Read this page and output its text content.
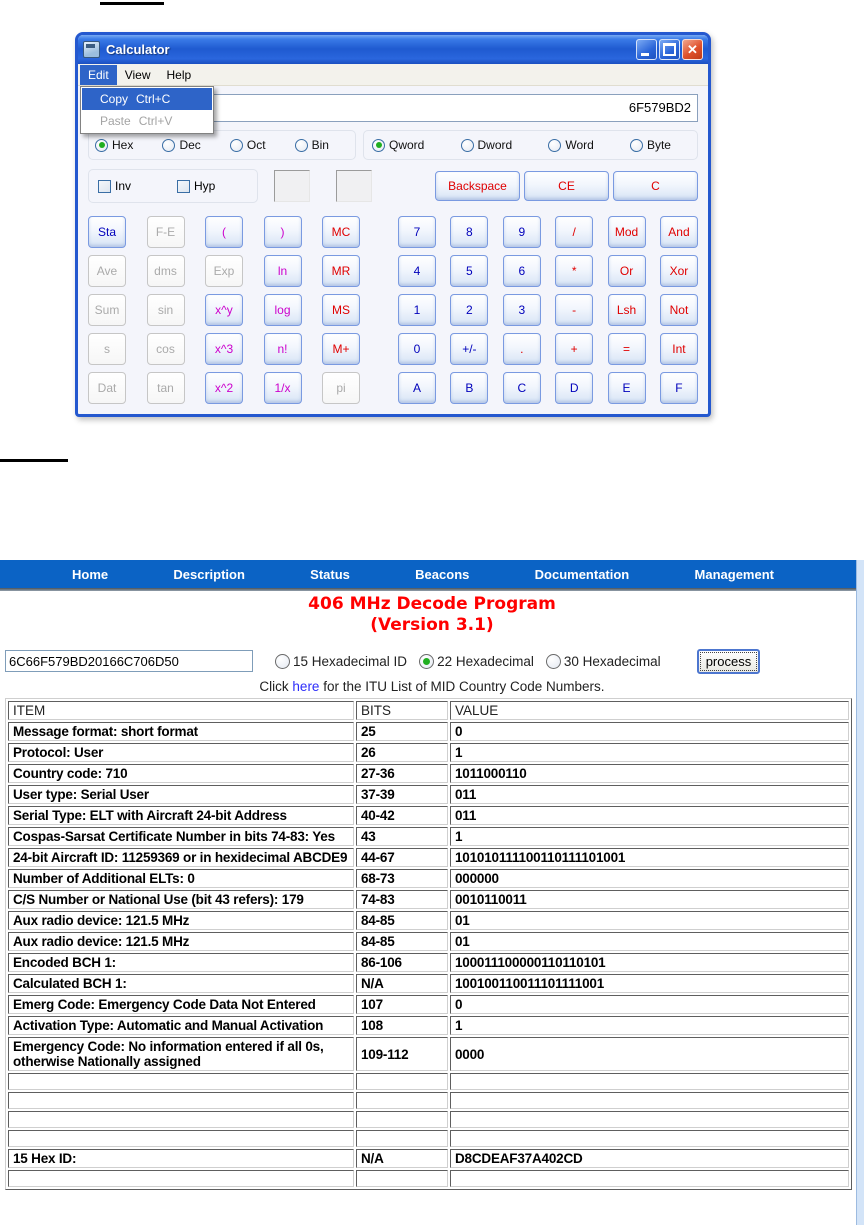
Calculator	✕
Edit	View	Help
Copy Ctrl+C
Paste Ctrl+V
6F579BD2
Hex	Dec	Oct	Bin	Qword	Dword	Word	Byte
Inv	Hyp	Backspace	CE	C
Sta	F-E	(	)	MC
Ave	dms	Exp	ln	MR
Sum	sin	x^y	log	MS
s	cos	x^3	n!	M+
Dat	tan	x^2	1/x	pi
7	8	9	/	Mod	And
4	5	6	*	Or	Xor
1	2	3	-	Lsh	Not
0	+/-	.	+	=	Int
A	B	C	D	E	F
Home	Description	Status	Beacons	Documentation	Management
406 MHz Decode Program
(Version 3.1)
6C66F579BD20166C706D50
15 Hexadecimal ID 22 Hexadecimal 30 Hexadecimal	process
Click here for the ITU List of MID Country Code Numbers.
ITEM	BITS	VALUE
Message format: short format	25	0
Protocol: User	26	1
Country code: 710	27-36	1011000110
User type: Serial User	37-39	011
Serial Type: ELT with Aircraft 24-bit Address	40-42	011
Cospas-Sarsat Certificate Number in bits 74-83: Yes	43	1
24-bit Aircraft ID: 11259369 or in hexidecimal ABCDE9	44-67	101010111100110111101001
Number of Additional ELTs: 0	68-73	000000
C/S Number or National Use (bit 43 refers): 179	74-83	0010110011
Aux radio device: 121.5 MHz	84-85	01
Aux radio device: 121.5 MHz	84-85	01
Encoded BCH 1:	86-106	100011100000110110101
Calculated BCH 1:	N/A	100100110011101111001
Emerg Code: Emergency Code Data Not Entered	107	0
Activation Type: Automatic and Manual Activation	108	1
Emergency Code: No information entered if all 0s, otherwise Nationally assigned	109-112	0000

15 Hex ID:	N/A	D8CDEAF37A402CD
